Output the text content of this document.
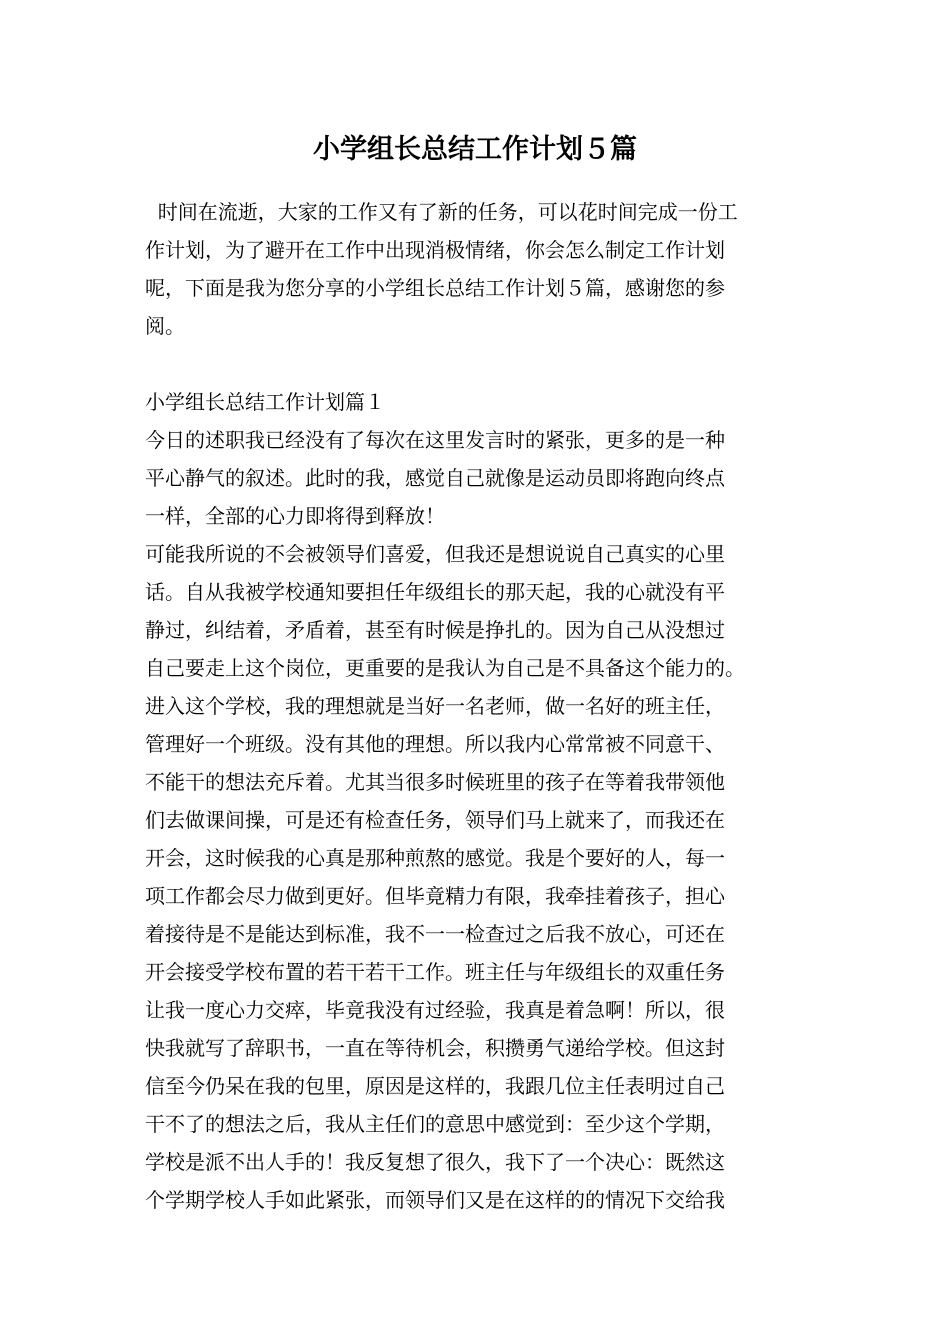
小学组长总结工作计划５篇
时间在流逝，大家的工作又有了新的任务，可以花时间完成一份工
作计划，为了避开在工作中出现消极情绪，你会怎么制定工作计划
呢，下面是我为您分享的小学组长总结工作计划５篇，感谢您的参
阅。
小学组长总结工作计划篇１
今日的述职我已经没有了每次在这里发言时的紧张，更多的是一种
平心静气的叙述。此时的我，感觉自己就像是运动员即将跑向终点
一样，全部的心力即将得到释放！
可能我所说的不会被领导们喜爱，但我还是想说说自己真实的心里
话。自从我被学校通知要担任年级组长的那天起，我的心就没有平
静过，纠结着，矛盾着，甚至有时候是挣扎的。因为自己从没想过
自己要走上这个岗位，更重要的是我认为自己是不具备这个能力的。
进入这个学校，我的理想就是当好一名老师，做一名好的班主任，
管理好一个班级。没有其他的理想。所以我内心常常被不同意干、
不能干的想法充斥着。尤其当很多时候班里的孩子在等着我带领他
们去做课间操，可是还有检查任务，领导们马上就来了，而我还在
开会，这时候我的心真是那种煎熬的感觉。我是个要好的人，每一
项工作都会尽力做到更好。但毕竟精力有限，我牵挂着孩子，担心
着接待是不是能达到标准，我不一一检查过之后我不放心，可还在
开会接受学校布置的若干若干工作。班主任与年级组长的双重任务
让我一度心力交瘁，毕竟我没有过经验，我真是着急啊！所以，很
快我就写了辞职书，一直在等待机会，积攒勇气递给学校。但这封
信至今仍呆在我的包里，原因是这样的，我跟几位主任表明过自己
干不了的想法之后，我从主任们的意思中感觉到：至少这个学期，
学校是派不出人手的！我反复想了很久，我下了一个决心：既然这
个学期学校人手如此紧张，而领导们又是在这样的的情况下交给我
